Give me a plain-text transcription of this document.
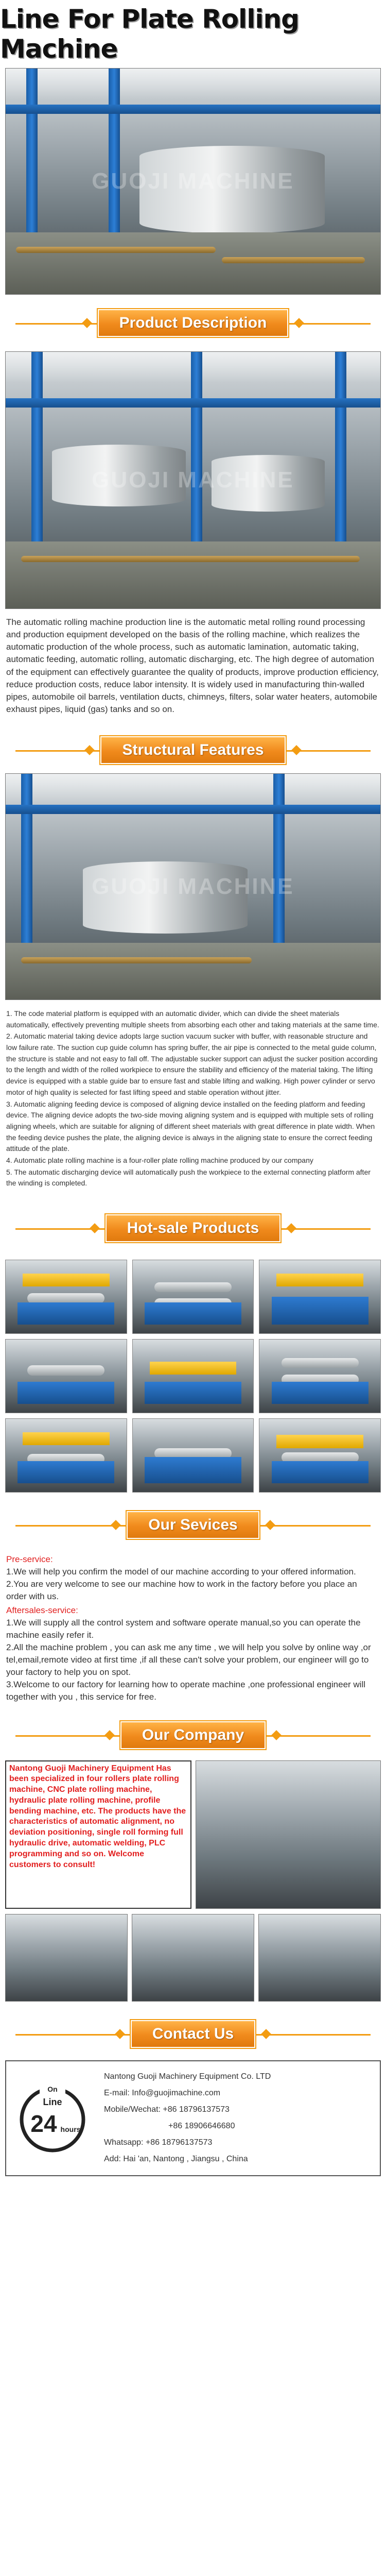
Line For Plate Rolling Machine
GUOJI MACHINE
Product Description
GUOJI MACHINE
The automatic rolling machine production line is the automatic metal rolling round processing and production equipment developed on the basis of the rolling machine, which realizes the automatic production of the whole process, such as automatic lamination, automatic taking, automatic feeding, automatic rolling, automatic discharging, etc. The high degree of automation of the equipment can effectively guarantee the quality of products, improve production efficiency, reduce production costs, reduce labor intensity. It is widely used in manufacturing thin-walled pipes, automobile oil barrels, ventilation ducts, chimneys, filters, solar water heaters, automobile exhaust pipes, liquid (gas) tanks and so on.
Structural Features
GUOJI MACHINE

1. The code material platform is equipped with an automatic divider, which can divide the sheet materials automatically, effectively preventing multiple sheets from absorbing each other and taking materials at the same time.

2. Automatic material taking device adopts large suction vacuum sucker with buffer, with reasonable structure and low failure rate. The suction cup guide column has spring buffer, the air pipe is connected to the metal guide column, the structure is stable and not easy to fall off. The adjustable sucker support can adjust the sucker position according to the length and width of the rolled workpiece to ensure the stability and efficiency of the material taking. The lifting device is equipped with a stable guide bar to ensure fast and stable lifting and walking. High power cylinder or servo motor of high quality is selected for fast lifting speed and stable operation without jitter.

3. Automatic aligning feeding device is composed of aligning device installed on the feeding platform and feeding device. The aligning device adopts the two-side moving aligning system and is equipped with multiple sets of rolling aligning wheels, which are suitable for aligning of different sheet materials with great difference in plate width. When the feeding device pushes the plate, the aligning device is always in the aligning state to ensure the correct feeding attitude of the plate.

4. Automatic plate rolling machine is a four-roller plate rolling machine produced by our company

5. The automatic discharging device will automatically push the workpiece to the external connecting platform after the winding is completed.

Hot-sale Products
Our Sevices
Pre-service:

1.We will help you confirm the model of our machine according to your offered information.

2.You are very welcome to see our machine how to work in the factory before you place an order with us.

Aftersales-service:

1.We will supply all the control system and software operate manual,so you can operate the machine easily refer it.

2.All the machine problem , you can ask me any time , we will help you solve by online way ,or tel,email,remote video at first time ,if all these can't solve your problem, our engineer will go to your factory to help you on spot.

3.Welcome to our factory for learning how to operate machine ,one professional engineer will together with you , this service for free.

Our Company
Nantong Guoji Machinery Equipment Has been specialized in four rollers plate rolling machine, CNC plate rolling machine, hydraulic plate rolling machine, profile bending machine, etc. The products have the characteristics of automatic alignment, no deviation positioning, single roll forming full hydraulic drive, automatic welding, PLC programming and so on. Welcome customers to consult!
Contact Us
On
Line
24 hours
Nantong Guoji Machinery Equipment Co. LTD
E-mail: Info@guojimachine.com
Mobile/Wechat: +86 18796137573
+86 18906646680
Whatsapp: +86 18796137573
Add: Hai 'an, Nantong , Jiangsu , China
